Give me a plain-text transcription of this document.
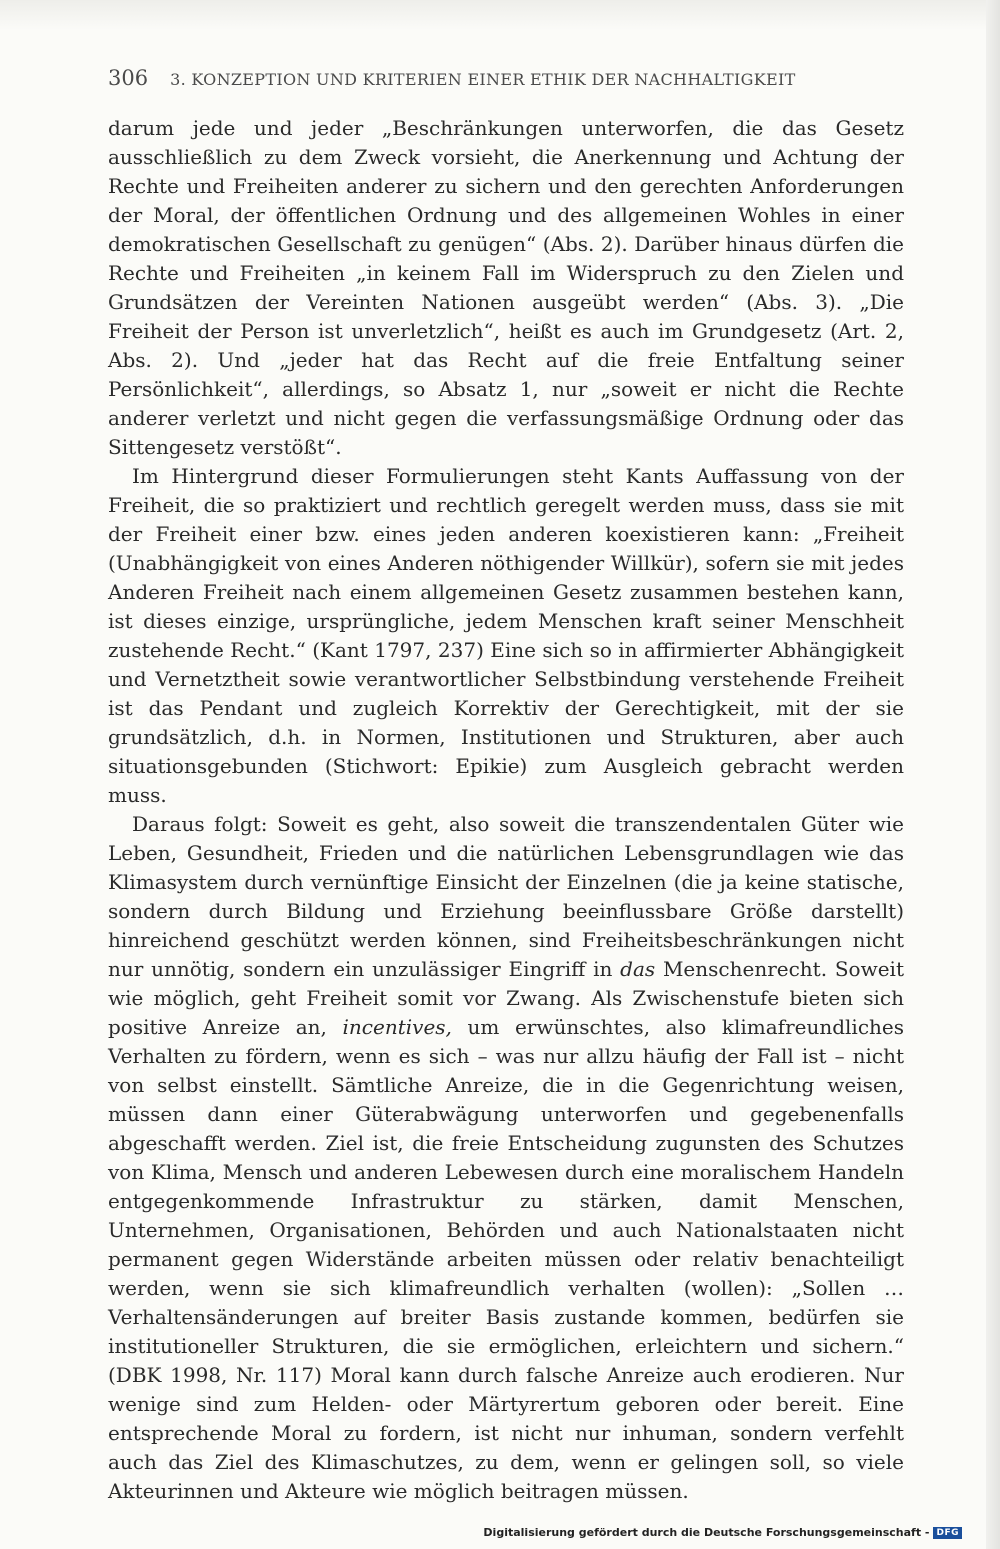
306 3. KONZEPTION UND KRITERIEN EINER ETHIK DER NACHHALTIGKEIT

darum jede und jeder „Beschränkungen unterworfen, die das Gesetz ausschließlich zu dem Zweck vorsieht, die Anerkennung und Achtung der Rechte und Freiheiten anderer zu sichern und den gerechten Anforderungen der Moral, der öffentlichen Ordnung und des allgemeinen Wohles in einer demokratischen Gesellschaft zu genügen“ (Abs. 2). Darüber hinaus dürfen die Rechte und Freiheiten „in keinem Fall im Widerspruch zu den Zielen und Grundsätzen der Vereinten Nationen ausgeübt werden“ (Abs. 3). „Die Freiheit der Person ist unverletzlich“, heißt es auch im Grundgesetz (Art. 2, Abs. 2). Und „jeder hat das Recht auf die freie Entfaltung seiner Persönlichkeit“, allerdings, so Absatz 1, nur „soweit er nicht die Rechte anderer verletzt und nicht gegen die verfassungsmäßige Ordnung oder das Sittengesetz verstößt“.

Im Hintergrund dieser Formulierungen steht Kants Auffassung von der Freiheit, die so praktiziert und rechtlich geregelt werden muss, dass sie mit der Freiheit einer bzw. eines jeden anderen koexistieren kann: „Freiheit (Unabhängigkeit von eines Anderen nöthigender Willkür), sofern sie mit jedes Anderen Freiheit nach einem allgemeinen Gesetz zusammen bestehen kann, ist dieses einzige, ursprüngliche, jedem Menschen kraft seiner Menschheit zustehende Recht.“ (Kant 1797, 237) Eine sich so in affirmierter Abhängigkeit und Vernetztheit sowie verantwortlicher Selbstbindung verstehende Freiheit ist das Pendant und zugleich Korrektiv der Gerechtigkeit, mit der sie grundsätzlich, d.h. in Normen, Institutionen und Strukturen, aber auch situationsgebunden (Stichwort: Epikie) zum Ausgleich gebracht werden muss.

Daraus folgt: Soweit es geht, also soweit die transzendentalen Güter wie Leben, Gesundheit, Frieden und die natürlichen Lebensgrundlagen wie das Klimasystem durch vernünftige Einsicht der Einzelnen (die ja keine statische, sondern durch Bildung und Erziehung beeinflussbare Größe darstellt) hinreichend geschützt werden können, sind Freiheitsbeschränkungen nicht nur unnötig, sondern ein unzulässiger Eingriff in das Menschenrecht. Soweit wie möglich, geht Freiheit somit vor Zwang. Als Zwischenstufe bieten sich positive Anreize an, incentives, um erwünschtes, also klimafreundliches Verhalten zu fördern, wenn es sich – was nur allzu häufig der Fall ist – nicht von selbst einstellt. Sämtliche Anreize, die in die Gegenrichtung weisen, müssen dann einer Güterabwägung unterworfen und gegebenenfalls abgeschafft werden. Ziel ist, die freie Entscheidung zugunsten des Schutzes von Klima, Mensch und anderen Lebewesen durch eine moralischem Handeln entgegenkommende Infrastruktur zu stärken, damit Menschen, Unternehmen, Organisationen, Behörden und auch Nationalstaaten nicht permanent gegen Widerstände arbeiten müssen oder relativ benachteiligt werden, wenn sie sich klimafreundlich verhalten (wollen): „Sollen … Verhaltensänderungen auf breiter Basis zustande kommen, bedürfen sie institutioneller Strukturen, die sie ermöglichen, erleichtern und sichern.“ (DBK 1998, Nr. 117) Moral kann durch falsche Anreize auch erodieren. Nur wenige sind zum Helden- oder Märtyrertum geboren oder bereit. Eine entsprechende Moral zu fordern, ist nicht nur inhuman, sondern verfehlt auch das Ziel des Klimaschutzes, zu dem, wenn er gelingen soll, so viele Akteurinnen und Akteure wie möglich beitragen müssen.

Digitalisierung gefördert durch die Deutsche Forschungsgemeinschaft - DFG
